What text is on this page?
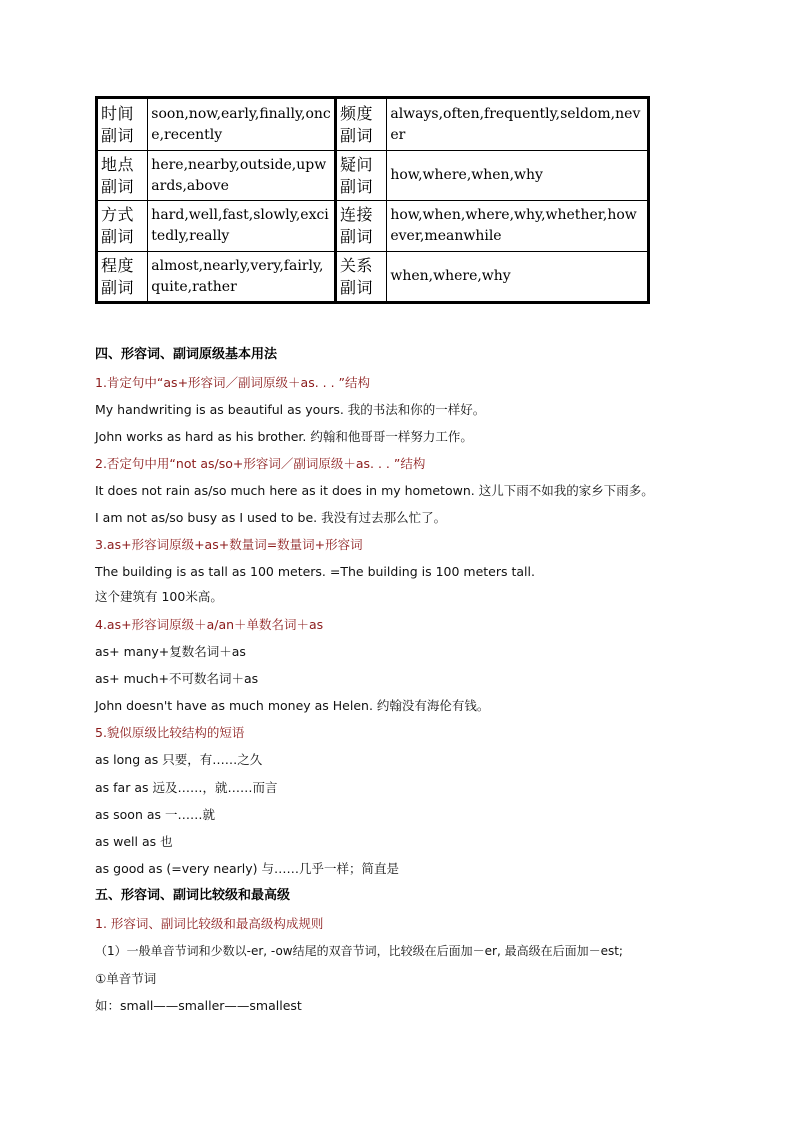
时间副词	soon,now,early,finally,once,recently	频度副词	always,often,frequently,seldom,never
地点副词	here,nearby,outside,upwards,above	疑问副词	how,where,when,why
方式副词	hard,well,fast,slowly,excitedly,really	连接副词	how,when,where,why,whether,however,meanwhile
程度副词	almost,nearly,very,fairly,quite,rather	关系副词	when,where,why
四、形容词、副词原级基本用法
1.肯定句中“as+形容词／副词原级＋as. . . ”结构
My handwriting is as beautiful as yours. 我的书法和你的一样好。
John works as hard as his brother. 约翰和他哥哥一样努力工作。
2.否定句中用“not as/so+形容词／副词原级＋as. . . ”结构
It does not rain as/so much here as it does in my hometown. 这儿下雨不如我的家乡下雨多。
I am not as/so busy as I used to be. 我没有过去那么忙了。
3.as+形容词原级+as+数量词=数量词+形容词
The building is as tall as 100 meters. =The building is 100 meters tall.
这个建筑有 100米高。
4.as+形容词原级＋a/an＋单数名词＋as
as+ many+复数名词＋as
as+ much+不可数名词＋as
John doesn't have as much money as Helen. 约翰没有海伦有钱。
5.貌似原级比较结构的短语
as long as 只要，有……之久
as far as 远及……，就……而言
as soon as 一……就
as well as 也
as good as (=very nearly) 与……几乎一样；简直是
五、形容词、副词比较级和最高级
1. 形容词、副词比较级和最高级构成规则
（1）一般单音节词和少数以-er, -ow结尾的双音节词，比较级在后面加－er, 最高级在后面加－est;
①单音节词
如：small——smaller——smallest
